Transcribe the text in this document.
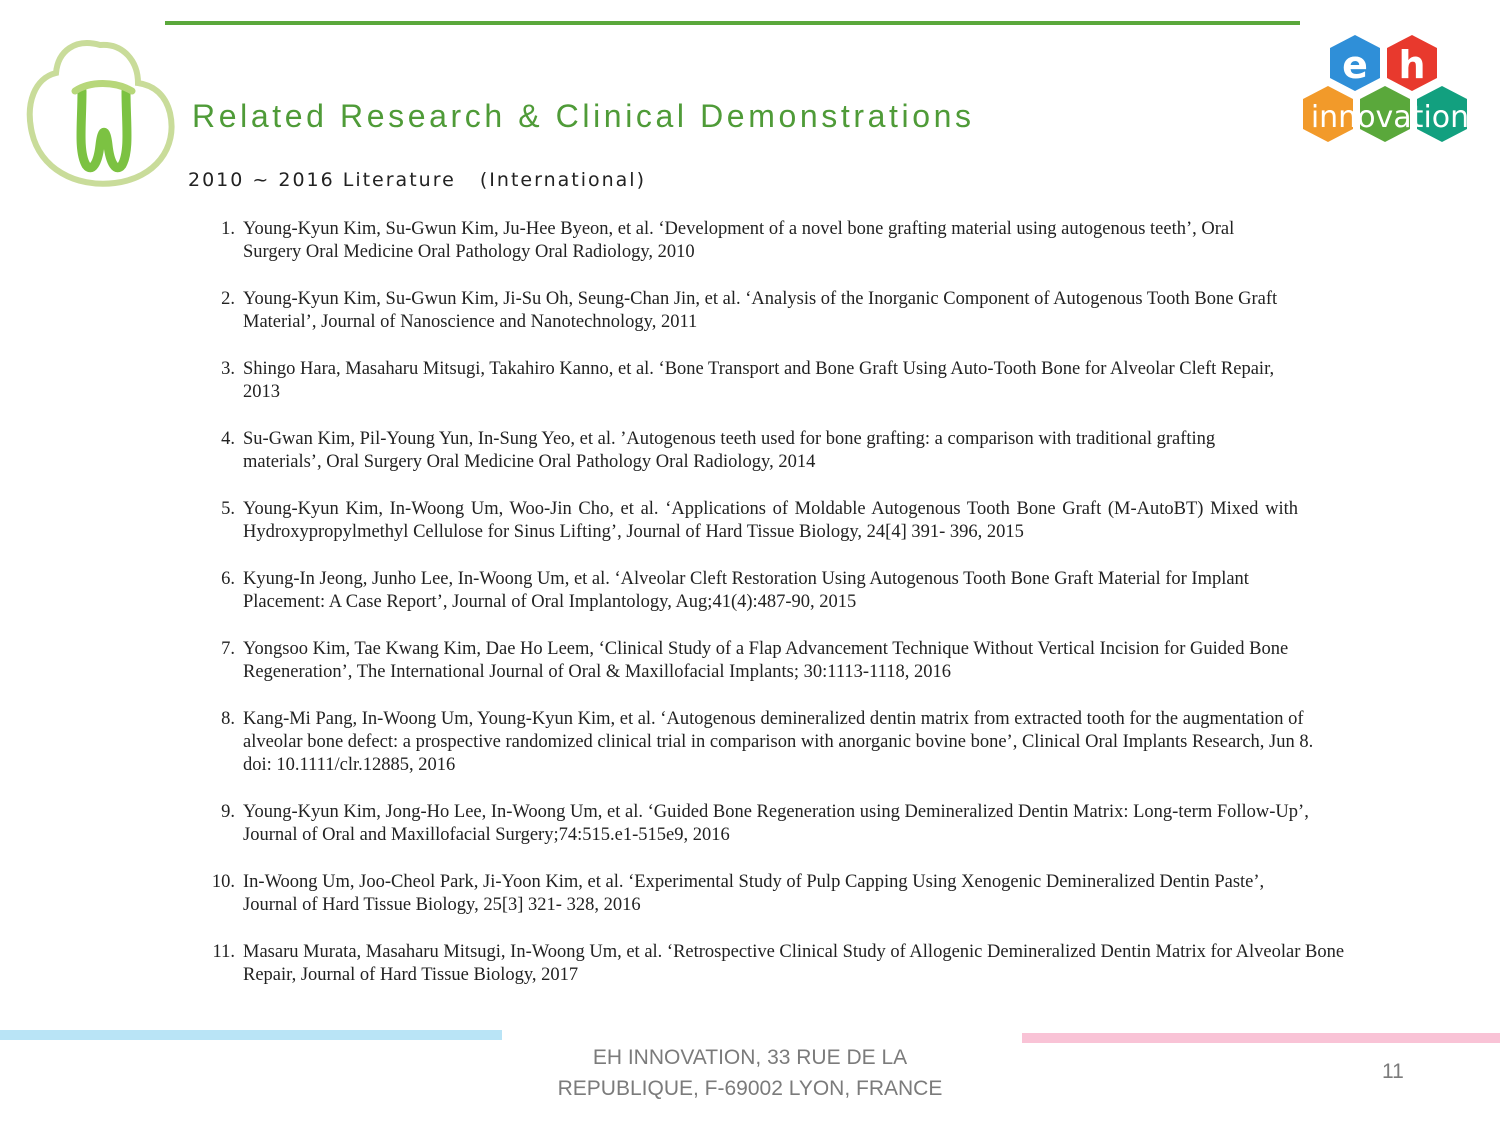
e h
innovation
Related Research & Clinical Demonstrations
2010 ~ 2016 Literature   (International)
1. Young-Kyun Kim, Su-Gwun Kim, Ju-Hee Byeon, et al. ‘Development of a novel bone grafting material using autogenous teeth’, Oral Surgery Oral Medicine Oral Pathology Oral Radiology, 2010
2. Young-Kyun Kim, Su-Gwun Kim, Ji-Su Oh, Seung-Chan Jin, et al. ‘Analysis of the Inorganic Component of Autogenous Tooth Bone Graft Material’, Journal of Nanoscience and Nanotechnology, 2011
3. Shingo Hara, Masaharu Mitsugi, Takahiro Kanno, et al. ‘Bone Transport and Bone Graft Using Auto-Tooth Bone for Alveolar Cleft Repair, 2013
4. Su-Gwan Kim, Pil-Young Yun, In-Sung Yeo, et al. ’Autogenous teeth used for bone grafting: a comparison with traditional grafting materials’, Oral Surgery Oral Medicine Oral Pathology Oral Radiology, 2014
5. Young-Kyun Kim, In-Woong Um, Woo-Jin Cho, et al. ‘Applications of Moldable Autogenous Tooth Bone Graft (M-AutoBT) Mixed with Hydroxypropylmethyl Cellulose for Sinus Lifting’, Journal of Hard Tissue Biology, 24[4] 391- 396, 2015
6. Kyung-In Jeong, Junho Lee, In-Woong Um, et al. ‘Alveolar Cleft Restoration Using Autogenous Tooth Bone Graft Material for Implant Placement: A Case Report’, Journal of Oral Implantology, Aug;41(4):487-90, 2015
7. Yongsoo Kim, Tae Kwang Kim, Dae Ho Leem, ‘Clinical Study of a Flap Advancement Technique Without Vertical Incision for Guided Bone Regeneration’, The International Journal of Oral & Maxillofacial Implants; 30:1113-1118, 2016
8. Kang-Mi Pang, In-Woong Um, Young-Kyun Kim, et al. ‘Autogenous demineralized dentin matrix from extracted tooth for the augmentation of alveolar bone defect: a prospective randomized clinical trial in comparison with anorganic bovine bone’, Clinical Oral Implants Research, Jun 8. doi: 10.1111/clr.12885, 2016
9. Young-Kyun Kim, Jong-Ho Lee, In-Woong Um, et al. ‘Guided Bone Regeneration using Demineralized Dentin Matrix: Long-term Follow-Up’, Journal of Oral and Maxillofacial Surgery;74:515.e1-515e9, 2016
10. In-Woong Um, Joo-Cheol Park, Ji-Yoon Kim, et al. ‘Experimental Study of Pulp Capping Using Xenogenic Demineralized Dentin Paste’, Journal of Hard Tissue Biology, 25[3] 321- 328, 2016
11. Masaru Murata, Masaharu Mitsugi, In-Woong Um, et al. ‘Retrospective Clinical Study of Allogenic Demineralized Dentin Matrix for Alveolar Bone Repair, Journal of Hard Tissue Biology, 2017
EH INNOVATION, 33 RUE DE LA
REPUBLIQUE, F-69002 LYON, FRANCE
11
